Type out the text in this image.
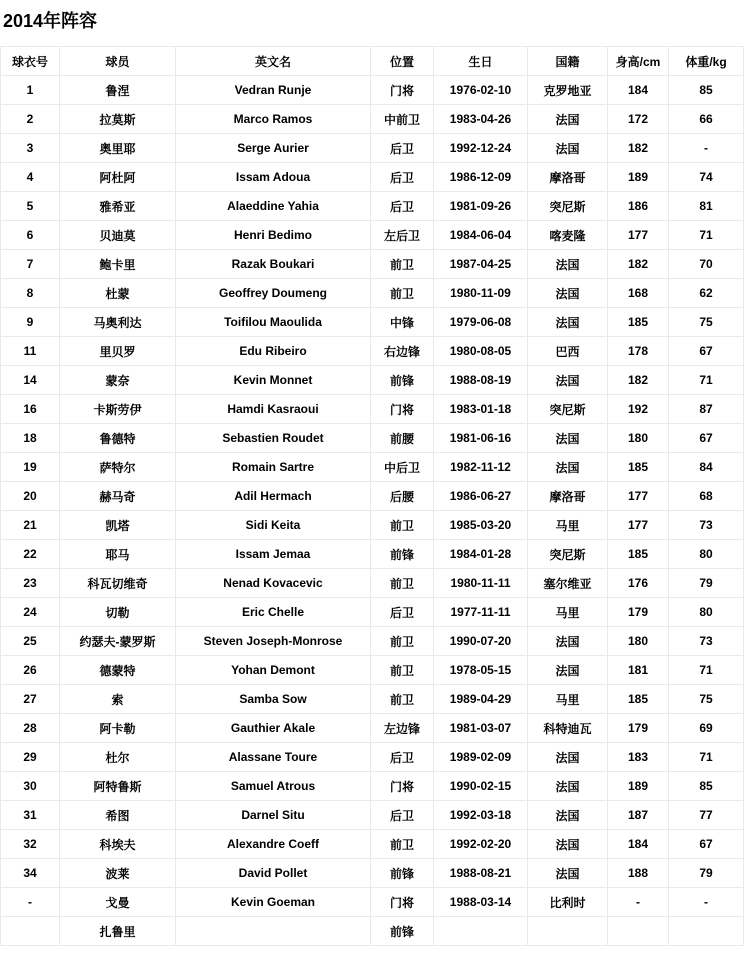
2014年阵容
球衣号	球员	英文名	位置	生日	国籍	身高/cm	体重/kg
1	鲁涅	Vedran Runje	门将	1976-02-10	克罗地亚	184	85
2	拉莫斯	Marco Ramos	中前卫	1983-04-26	法国	172	66
3	奥里耶	Serge Aurier	后卫	1992-12-24	法国	182	-
4	阿杜阿	Issam Adoua	后卫	1986-12-09	摩洛哥	189	74
5	雅希亚	Alaeddine Yahia	后卫	1981-09-26	突尼斯	186	81
6	贝迪莫	Henri Bedimo	左后卫	1984-06-04	喀麦隆	177	71
7	鲍卡里	Razak Boukari	前卫	1987-04-25	法国	182	70
8	杜蒙	Geoffrey Doumeng	前卫	1980-11-09	法国	168	62
9	马奥利达	Toifilou Maoulida	中锋	1979-06-08	法国	185	75
11	里贝罗	Edu Ribeiro	右边锋	1980-08-05	巴西	178	67
14	蒙奈	Kevin Monnet	前锋	1988-08-19	法国	182	71
16	卡斯劳伊	Hamdi Kasraoui	门将	1983-01-18	突尼斯	192	87
18	鲁德特	Sebastien Roudet	前腰	1981-06-16	法国	180	67
19	萨特尔	Romain Sartre	中后卫	1982-11-12	法国	185	84
20	赫马奇	Adil Hermach	后腰	1986-06-27	摩洛哥	177	68
21	凯塔	Sidi Keita	前卫	1985-03-20	马里	177	73
22	耶马	Issam Jemaa	前锋	1984-01-28	突尼斯	185	80
23	科瓦切维奇	Nenad Kovacevic	前卫	1980-11-11	塞尔维亚	176	79
24	切勒	Eric Chelle	后卫	1977-11-11	马里	179	80
25	约瑟夫-蒙罗斯	Steven Joseph-Monrose	前卫	1990-07-20	法国	180	73
26	德蒙特	Yohan Demont	前卫	1978-05-15	法国	181	71
27	索	Samba Sow	前卫	1989-04-29	马里	185	75
28	阿卡勒	Gauthier Akale	左边锋	1981-03-07	科特迪瓦	179	69
29	杜尔	Alassane Toure	后卫	1989-02-09	法国	183	71
30	阿特鲁斯	Samuel Atrous	门将	1990-02-15	法国	189	85
31	希图	Darnel Situ	后卫	1992-03-18	法国	187	77
32	科埃夫	Alexandre Coeff	前卫	1992-02-20	法国	184	67
34	波莱	David Pollet	前锋	1988-08-21	法国	188	79
-	戈曼	Kevin Goeman	门将	1988-03-14	比利时	-	-
	扎鲁里		前锋				
